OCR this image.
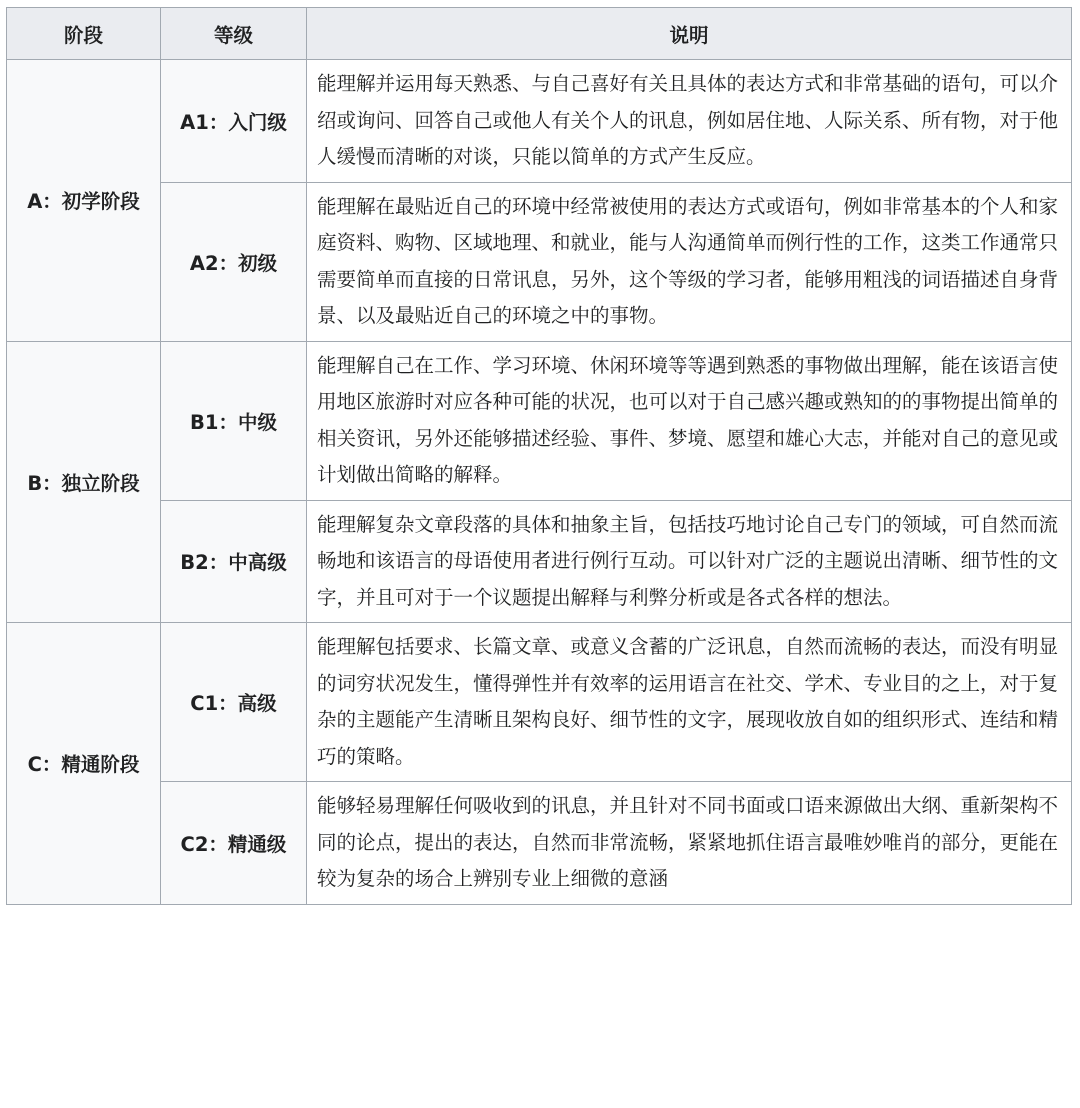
阶段	等级	说明
A：初学阶段	A1：入门级	能理解并运用每天熟悉、与自己喜好有关且具体的表达方式和非常基础的语句，可以介绍或询问、回答自己或他人有关个人的讯息，例如居住地、人际关系、所有物，对于他人缓慢而清晰的对谈，只能以简单的方式产生反应。
	A2：初级	能理解在最贴近自己的环境中经常被使用的表达方式或语句，例如非常基本的个人和家庭资料、购物、区域地理、和就业，能与人沟通简单而例行性的工作，这类工作通常只需要简单而直接的日常讯息，另外，这个等级的学习者，能够用粗浅的词语描述自身背景、以及最贴近自己的环境之中的事物。
B：独立阶段	B1：中级	能理解自己在工作、学习环境、休闲环境等等遇到熟悉的事物做出理解，能在该语言使用地区旅游时对应各种可能的状况，也可以对于自己感兴趣或熟知的的事物提出简单的相关资讯，另外还能够描述经验、事件、梦境、愿望和雄心大志，并能对自己的意见或计划做出简略的解释。
	B2：中高级	能理解复杂文章段落的具体和抽象主旨，包括技巧地讨论自己专门的领域，可自然而流畅地和该语言的母语使用者进行例行互动。可以针对广泛的主题说出清晰、细节性的文字，并且可对于一个议题提出解释与利弊分析或是各式各样的想法。
C：精通阶段	C1：高级	能理解包括要求、长篇文章、或意义含蓄的广泛讯息，自然而流畅的表达，而没有明显的词穷状况发生，懂得弹性并有效率的运用语言在社交、学术、专业目的之上，对于复杂的主题能产生清晰且架构良好、细节性的文字，展现收放自如的组织形式、连结和精巧的策略。
	C2：精通级	能够轻易理解任何吸收到的讯息，并且针对不同书面或口语来源做出大纲、重新架构不同的论点，提出的表达，自然而非常流畅，紧紧地抓住语言最唯妙唯肖的部分，更能在较为复杂的场合上辨别专业上细微的意涵
